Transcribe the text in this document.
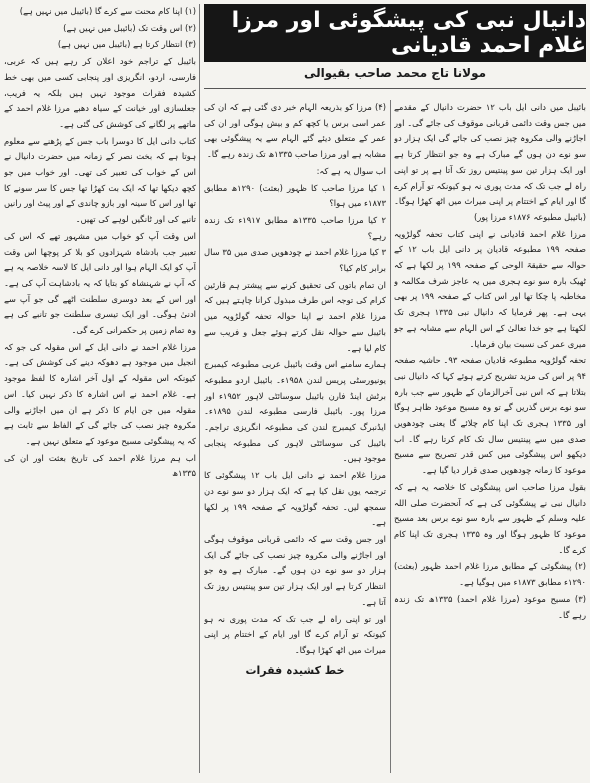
دانیال نبی کی پیشگوئی اور مرزا غلام احمد قادیانی
مولانا تاج محمد صاحب بقیوالی

بائیبل میں دانی ایل باب ۱۲ حضرت دانیال کے مقدمے میں جس وقت دائمی قربانی موقوف کی جائے گی۔ اور اجاڑنے والی مکروہ چیز نصب کی جائے گی ایک ہزار دو سو نوے دن ہوں گے مبارک ہے وہ جو انتظار کرتا ہے اور ایک ہزار تین سو پینتیس روز تک آتا ہے پر تو اپنی راہ لے جب تک کہ مدت پوری نہ ہو کیونکہ تو آرام کرے گا اور ایام کے اختتام پر اپنی میراث میں اٹھ کھڑا ہوگا۔ (بائیبل مطبوعہ ۱۸۷۶ء مرزا پور)

مرزا غلام احمد قادیانی نے اپنی کتاب تحفہ گولڑویہ صفحہ ۱۹۹ مطبوعہ قادیان پر دانی ایل باب ۱۲ کے حوالہ سے حقیقۃ الوحی کے صفحہ ۱۹۹ پر لکھا ہے کہ ٹھیک بارہ سو نوے ہجری میں یہ عاجز شرف مکالمہ و مخاطبہ پا چکا تھا اور اس کتاب کے صفحہ ۱۹۹ پر بھی یہی ہے۔ پھر فرمایا کہ دانیال نبی ۱۳۳۵ ہجری تک لکھتا ہے جو خدا تعالیٰ کے اس الہام سے مشابہ ہے جو میری عمر کی نسبت بیان فرمایا۔

تحفہ گولڑویہ مطبوعہ قادیان صفحہ ۹۳۔ حاشیہ صفحہ ۹۴ پر اس کی مزید تشریح کرتے ہوئے کہا کہ دانیال نبی بتلاتا ہے کہ اس نبی آخرالزمان کے ظہور سے جب بارہ سو نوے برس گذریں گے تو وہ مسیح موعود ظاہر ہوگا اور ۱۳۳۵ ہجری تک اپنا کام چلائے گا یعنی چودھویں صدی میں سے پینتیس سال تک کام کرتا رہے گا۔ اب دیکھو اس پیشگوئی میں کس قدر تصریح سے مسیح موعود کا زمانہ چودھویں صدی قرار دیا گیا ہے۔

بقول مرزا صاحب اس پیشگوئی کا خلاصہ یہ ہے کہ دانیال نبی نے پیشگوئی کی ہے کہ آنحضرت صلی اللہ علیہ وسلم کے ظہور سے بارہ سو نوے برس بعد مسیح موعود کا ظہور ہوگا اور وہ ۱۳۳۵ ہجری تک اپنا کام کرے گا۔

(۲) پیشگوئی کے مطابق مرزا غلام احمد ظہور (بعثت) ۱۲۹۰ء مطابق ۱۸۷۳ء میں ہوگیا ہے۔

(۳) مسیح موعود (مرزا غلام احمد) ۱۳۳۵ھ تک زندہ رہے گا۔

(۴) مرزا کو بذریعہ الہام خبر دی گئی ہے کہ ان کی عمر اسی برس یا کچھ کم و بیش ہوگی اور ان کی عمر کے متعلق دیئے گئے الہام سے یہ پیشگوئی بھی مشابہ ہے اور مرزا صاحب ۱۳۳۵ھ تک زندہ رہے گا۔

اب سوال یہ ہے کہ:

۱ کیا مرزا صاحب کا ظہور (بعثت) ۱۲۹۰ھ مطابق ۱۸۷۳ء میں ہوا؟

۲ کیا مرزا صاحب ۱۳۳۵ھ مطابق ۱۹۱۷ء تک زندہ رہے؟

۳ کیا مرزا غلام احمد نے چودھویں صدی میں ۳۵ سال برابر کام کیا؟

ان تمام باتوں کی تحقیق کرنے سے پیشتر ہم قارئین کرام کی توجہ اس طرف مبذول کرانا چاہتے ہیں کہ مرزا غلام احمد نے اپنا حوالہ تحفہ گولڑویہ میں بائیبل سے حوالہ نقل کرتے ہوئے جعل و فریب سے کام لیا ہے۔

ہمارے سامنے اس وقت بائیبل عربی مطبوعہ کیمبرج یونیورسٹی پریس لندن ۱۹۵۸ء۔ بائیبل اردو مطبوعہ برٹش اینڈ فارن بائیبل سوسائٹی لاہور ۱۹۵۲ء اور مرزا پور۔ بائیبل فارسی مطبوعہ لندن ۱۸۹۵ء۔ ایڈنبرگ کیمبرج لندن کی مطبوعہ انگریزی تراجم۔ بائیبل کی سوسائٹی لاہور کی مطبوعہ پنجابی موجود ہیں۔

مرزا غلام احمد نے دانی ایل باب ۱۲ پیشگوئی کا ترجمہ یوں نقل کیا ہے کہ ایک ہزار دو سو نوے دن سمجھ لیں۔ تحفہ گولڑویہ کے صفحہ ۱۹۹ پر لکھا ہے۔

اور جس وقت سے کہ دائمی قربانی موقوف ہوگی اور اجاڑنے والی مکروہ چیز نصب کی جائے گی ایک ہزار دو سو نوے دن ہوں گے۔ مبارک ہے وہ جو انتظار کرتا ہے اور ایک ہزار تین سو پینتیس روز تک آتا ہے۔

اور تو اپنی راہ لے جب تک کہ مدت پوری نہ ہو کیونکہ تو آرام کرے گا اور ایام کے اختتام پر اپنی میراث میں اٹھ کھڑا ہوگا۔

خط کشیدہ فقرات

(۱) اپنا کام محنت سے کرے گا (بائیبل میں نہیں ہے)

(۲) اس وقت تک (بائیبل میں نہیں ہے)

(۳) انتظار کرتا ہے (بائیبل میں نہیں ہے)

بائیبل کے تراجم خود اعلان کر رہے ہیں کہ عربی، فارسی، اردو، انگریزی اور پنجابی کسی میں بھی خط کشیدہ فقرات موجود نہیں ہیں بلکہ یہ فریب، جعلسازی اور خیانت کے سیاہ دھبے مرزا غلام احمد کے ماتھے پر لگانے کی کوشش کی گئی ہے۔

کتاب دانی ایل کا دوسرا باب جس کے پڑھنے سے معلوم ہوتا ہے کہ بخت نصر کے زمانہ میں حضرت دانیال نے اس کے خواب کی تعبیر کی تھی۔ اور خواب میں جو کچھ دیکھا تھا کہ ایک بت کھڑا تھا جس کا سر سونے کا تھا اور اس کا سینہ اور بازو چاندی کے اور پیٹ اور رانیں تانبے کی اور ٹانگیں لوہے کی تھیں۔

اس وقت آپ کو خواب میں مشہور تھے کہ اس کی تعبیر جب بادشاہ شہزادوں کو بلا کر پوچھا اس وقت آپ کو ایک الہام ہوا اور دانی ایل کا لاسہ خلاصہ یہ ہے کہ آپ نے شہنشاہ کو بتایا کہ یہ بادشاہت آپ کی ہے۔ اور اس کے بعد دوسری سلطنت اٹھے گی جو آپ سے ادنیٰ ہوگی۔ اور ایک تیسری سلطنت جو تانبے کی ہے وہ تمام زمین پر حکمرانی کرے گی۔

مرزا غلام احمد نے دانی ایل کے اس مقولہ کی جو کہ انجیل میں موجود ہے دھوکہ دینے کی کوشش کی ہے۔ کیونکہ اس مقولہ کے اول آخر اشارہ کا لفظ موجود ہے۔ غلام احمد نے اس اشارہ کا ذکر نہیں کیا۔ اس مقولہ میں جن ایام کا ذکر ہے ان میں اجاڑنے والی مکروہ چیز نصب کی جائے گی کے الفاظ سے ثابت ہے کہ یہ پیشگوئی مسیح موعود کے متعلق نہیں ہے۔

اب ہم مرزا غلام احمد کی تاریخ بعثت اور ان کی ۱۳۳۵ھ
